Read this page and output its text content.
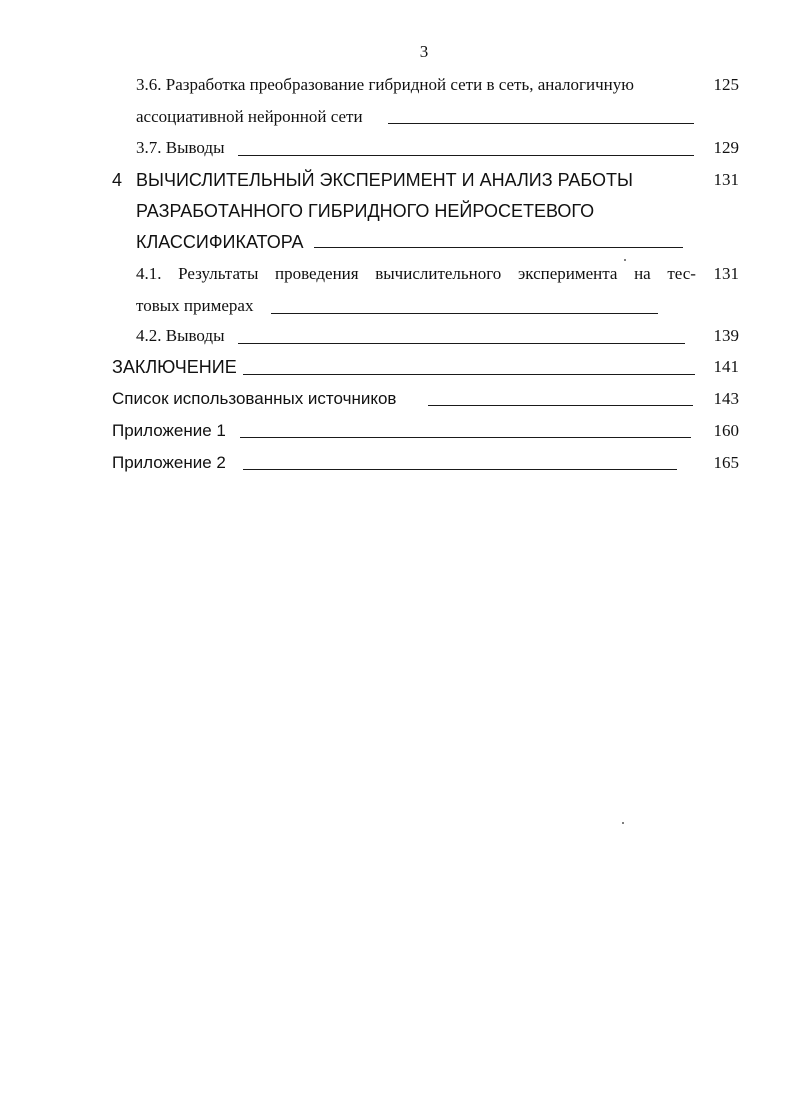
3
3.6. Разработка преобразование гибридной сети в сеть, аналогичную	125
ассоциативной нейронной сети
3.7. Выводы	129
4 ВЫЧИСЛИТЕЛЬНЫЙ ЭКСПЕРИМЕНТ И АНАЛИЗ РАБОТЫ	131
РАЗРАБОТАННОГО ГИБРИДНОГО НЕЙРОСЕТЕВОГО
КЛАССИФИКАТОРА
4.1. Результаты проведения вычислительного эксперимента на тес- 131
товых примерах
4.2. Выводы	139
ЗАКЛЮЧЕНИЕ	141
Список использованных источников	143
Приложение 1	160
Приложение 2	165
